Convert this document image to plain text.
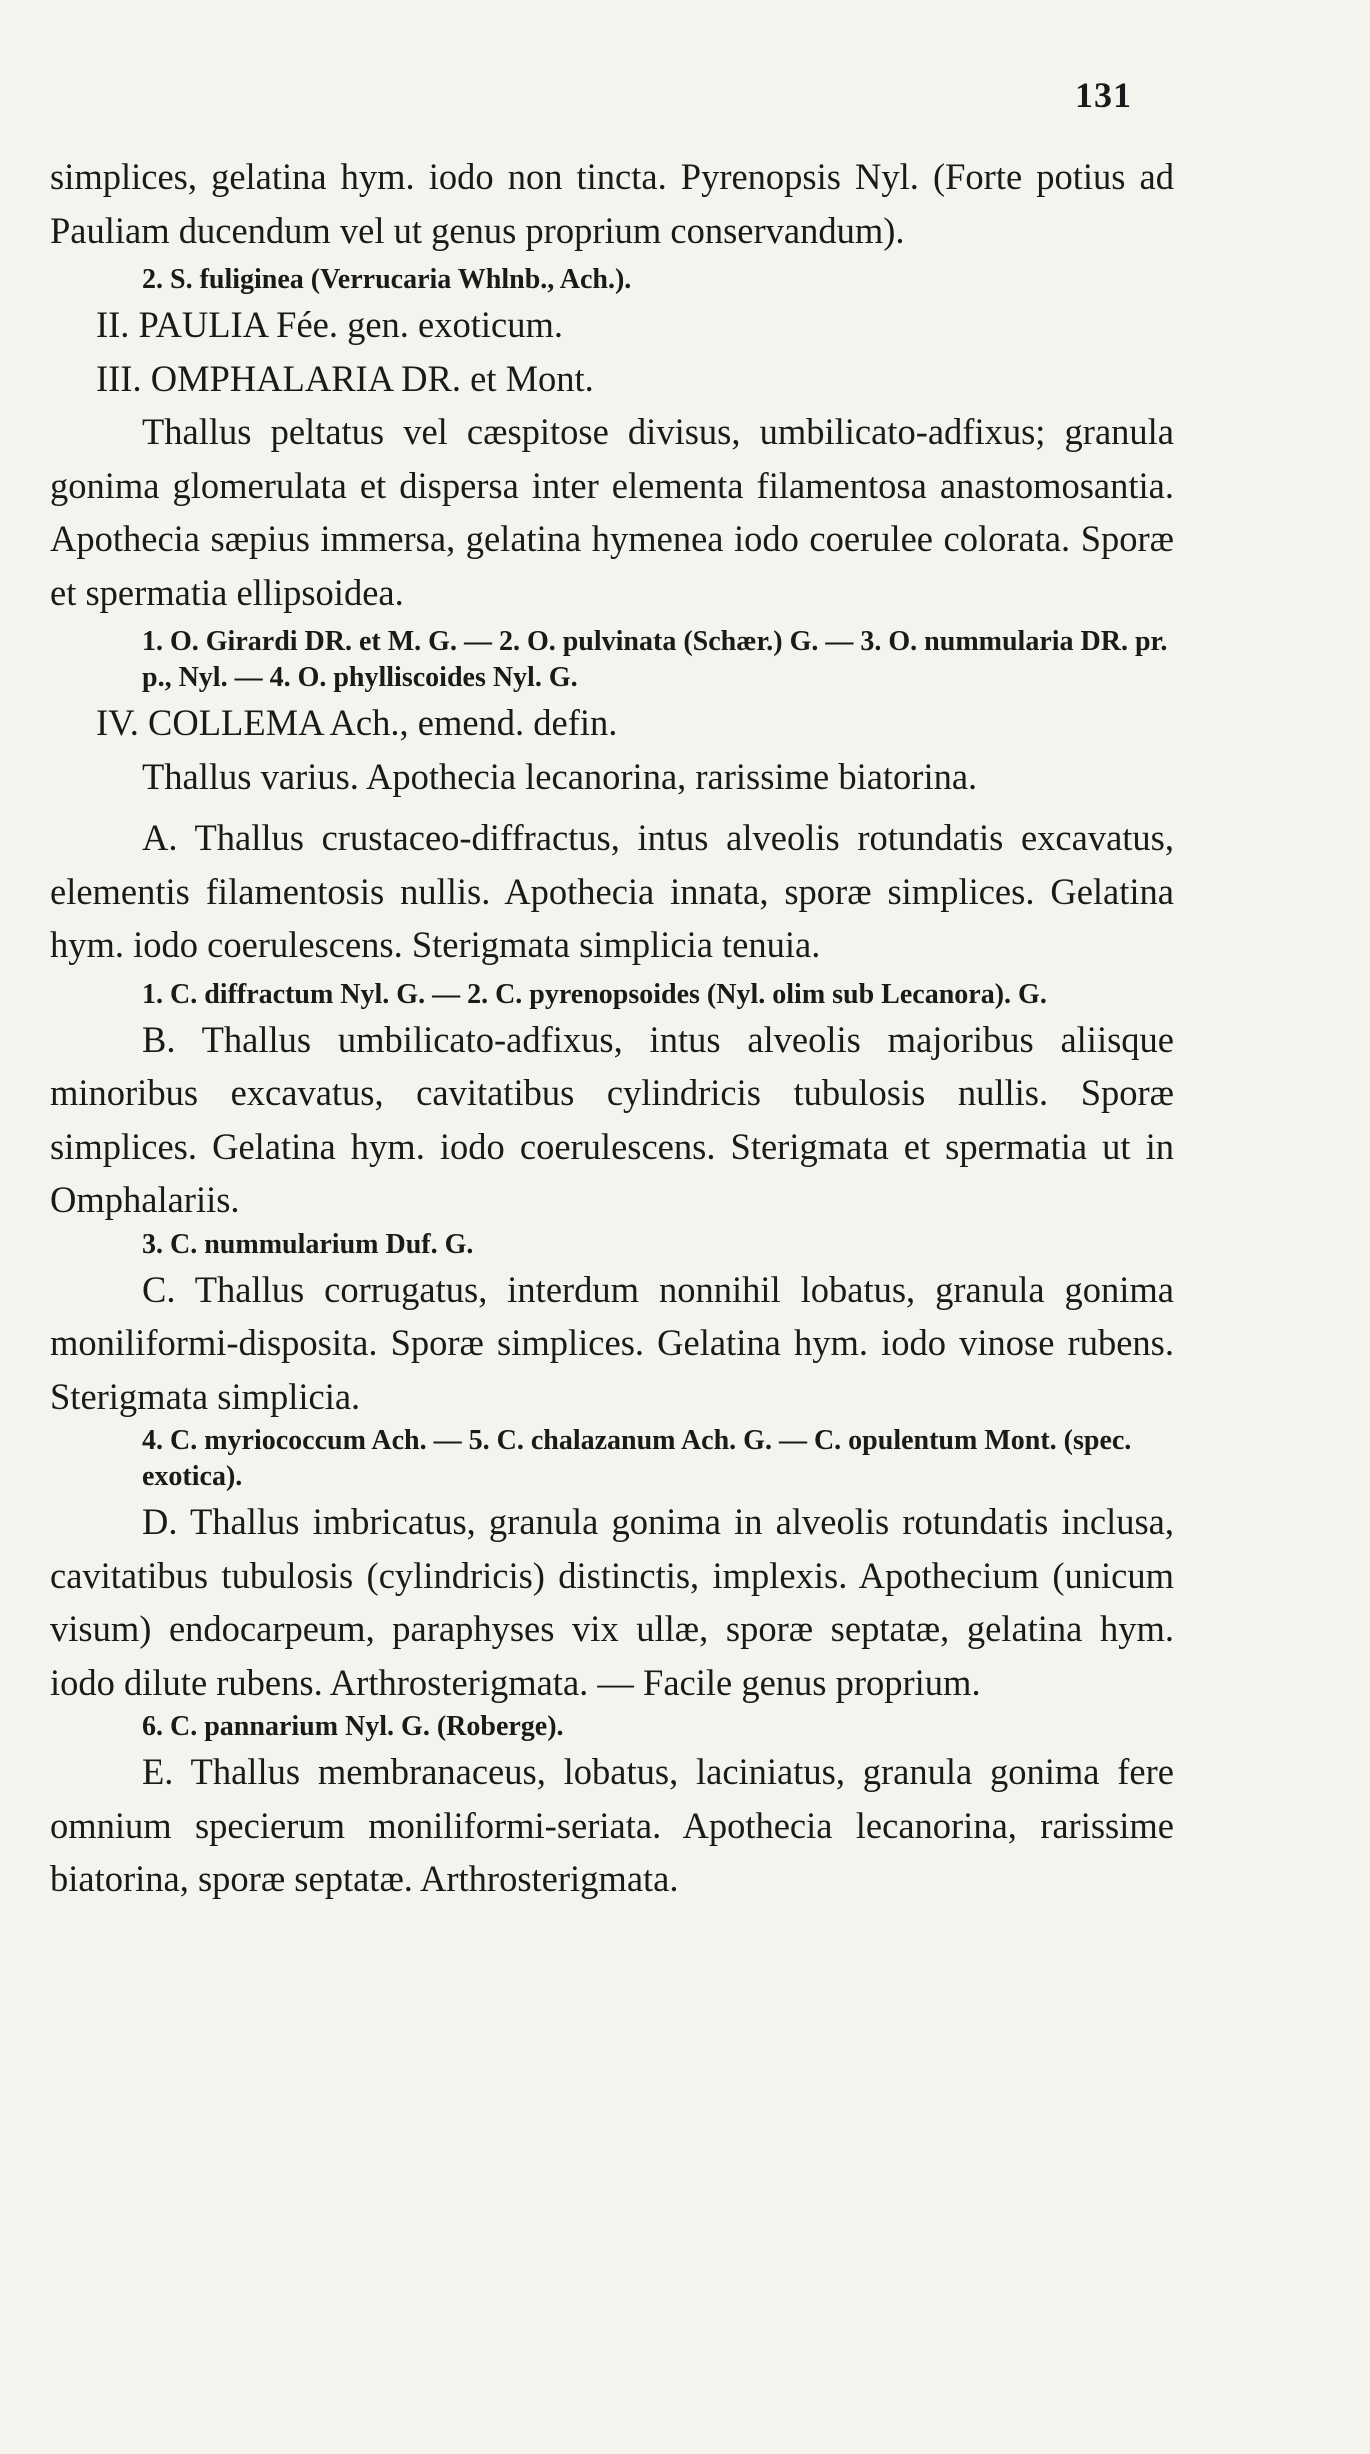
131

simplices, gelatina hym. iodo non tincta. Pyrenopsis Nyl. (Forte potius ad Pauliam ducendum vel ut genus proprium conservandum).

2. S. fuliginea (Verrucaria Whlnb., Ach.).

II. PAULIA Fée. gen. exoticum.

III. OMPHALARIA DR. et Mont.

Thallus peltatus vel cæspitose divisus, umbilicato-adfixus; granula gonima glomerulata et dispersa inter elementa filamentosa anastomosantia. Apothecia sæpius immersa, gelatina hymenea iodo coerulee colorata. Sporæ et spermatia ellipsoidea.

1. O. Girardi DR. et M. G. — 2. O. pulvinata (Schær.) G. — 3. O. nummularia DR. pr. p., Nyl. — 4. O. phylliscoides Nyl. G.

IV. COLLEMA Ach., emend. defin.

Thallus varius. Apothecia lecanorina, rarissime biatorina.

A. Thallus crustaceo-diffractus, intus alveolis rotundatis excavatus, elementis filamentosis nullis. Apothecia innata, sporæ simplices. Gelatina hym. iodo coerulescens. Sterigmata simplicia tenuia.

1. C. diffractum Nyl. G. — 2. C. pyrenopsoides (Nyl. olim sub Lecanora). G.

B. Thallus umbilicato-adfixus, intus alveolis majoribus aliisque minoribus excavatus, cavitatibus cylindricis tubulosis nullis. Sporæ simplices. Gelatina hym. iodo coerulescens. Sterigmata et spermatia ut in Omphalariis.

3. C. nummularium Duf. G.

C. Thallus corrugatus, interdum nonnihil lobatus, granula gonima moniliformi-disposita. Sporæ simplices. Gelatina hym. iodo vinose rubens. Sterigmata simplicia.

4. C. myriococcum Ach. — 5. C. chalazanum Ach. G. — C. opulentum Mont. (spec. exotica).

D. Thallus imbricatus, granula gonima in alveolis rotundatis inclusa, cavitatibus tubulosis (cylindricis) distinctis, implexis. Apothecium (unicum visum) endocarpeum, paraphyses vix ullæ, sporæ septatæ, gelatina hym. iodo dilute rubens. Arthrosterigmata. — Facile genus proprium.

6. C. pannarium Nyl. G. (Roberge).

E. Thallus membranaceus, lobatus, laciniatus, granula gonima fere omnium specierum moniliformi-seriata. Apothecia lecanorina, rarissime biatorina, sporæ septatæ. Arthrosterigmata.
